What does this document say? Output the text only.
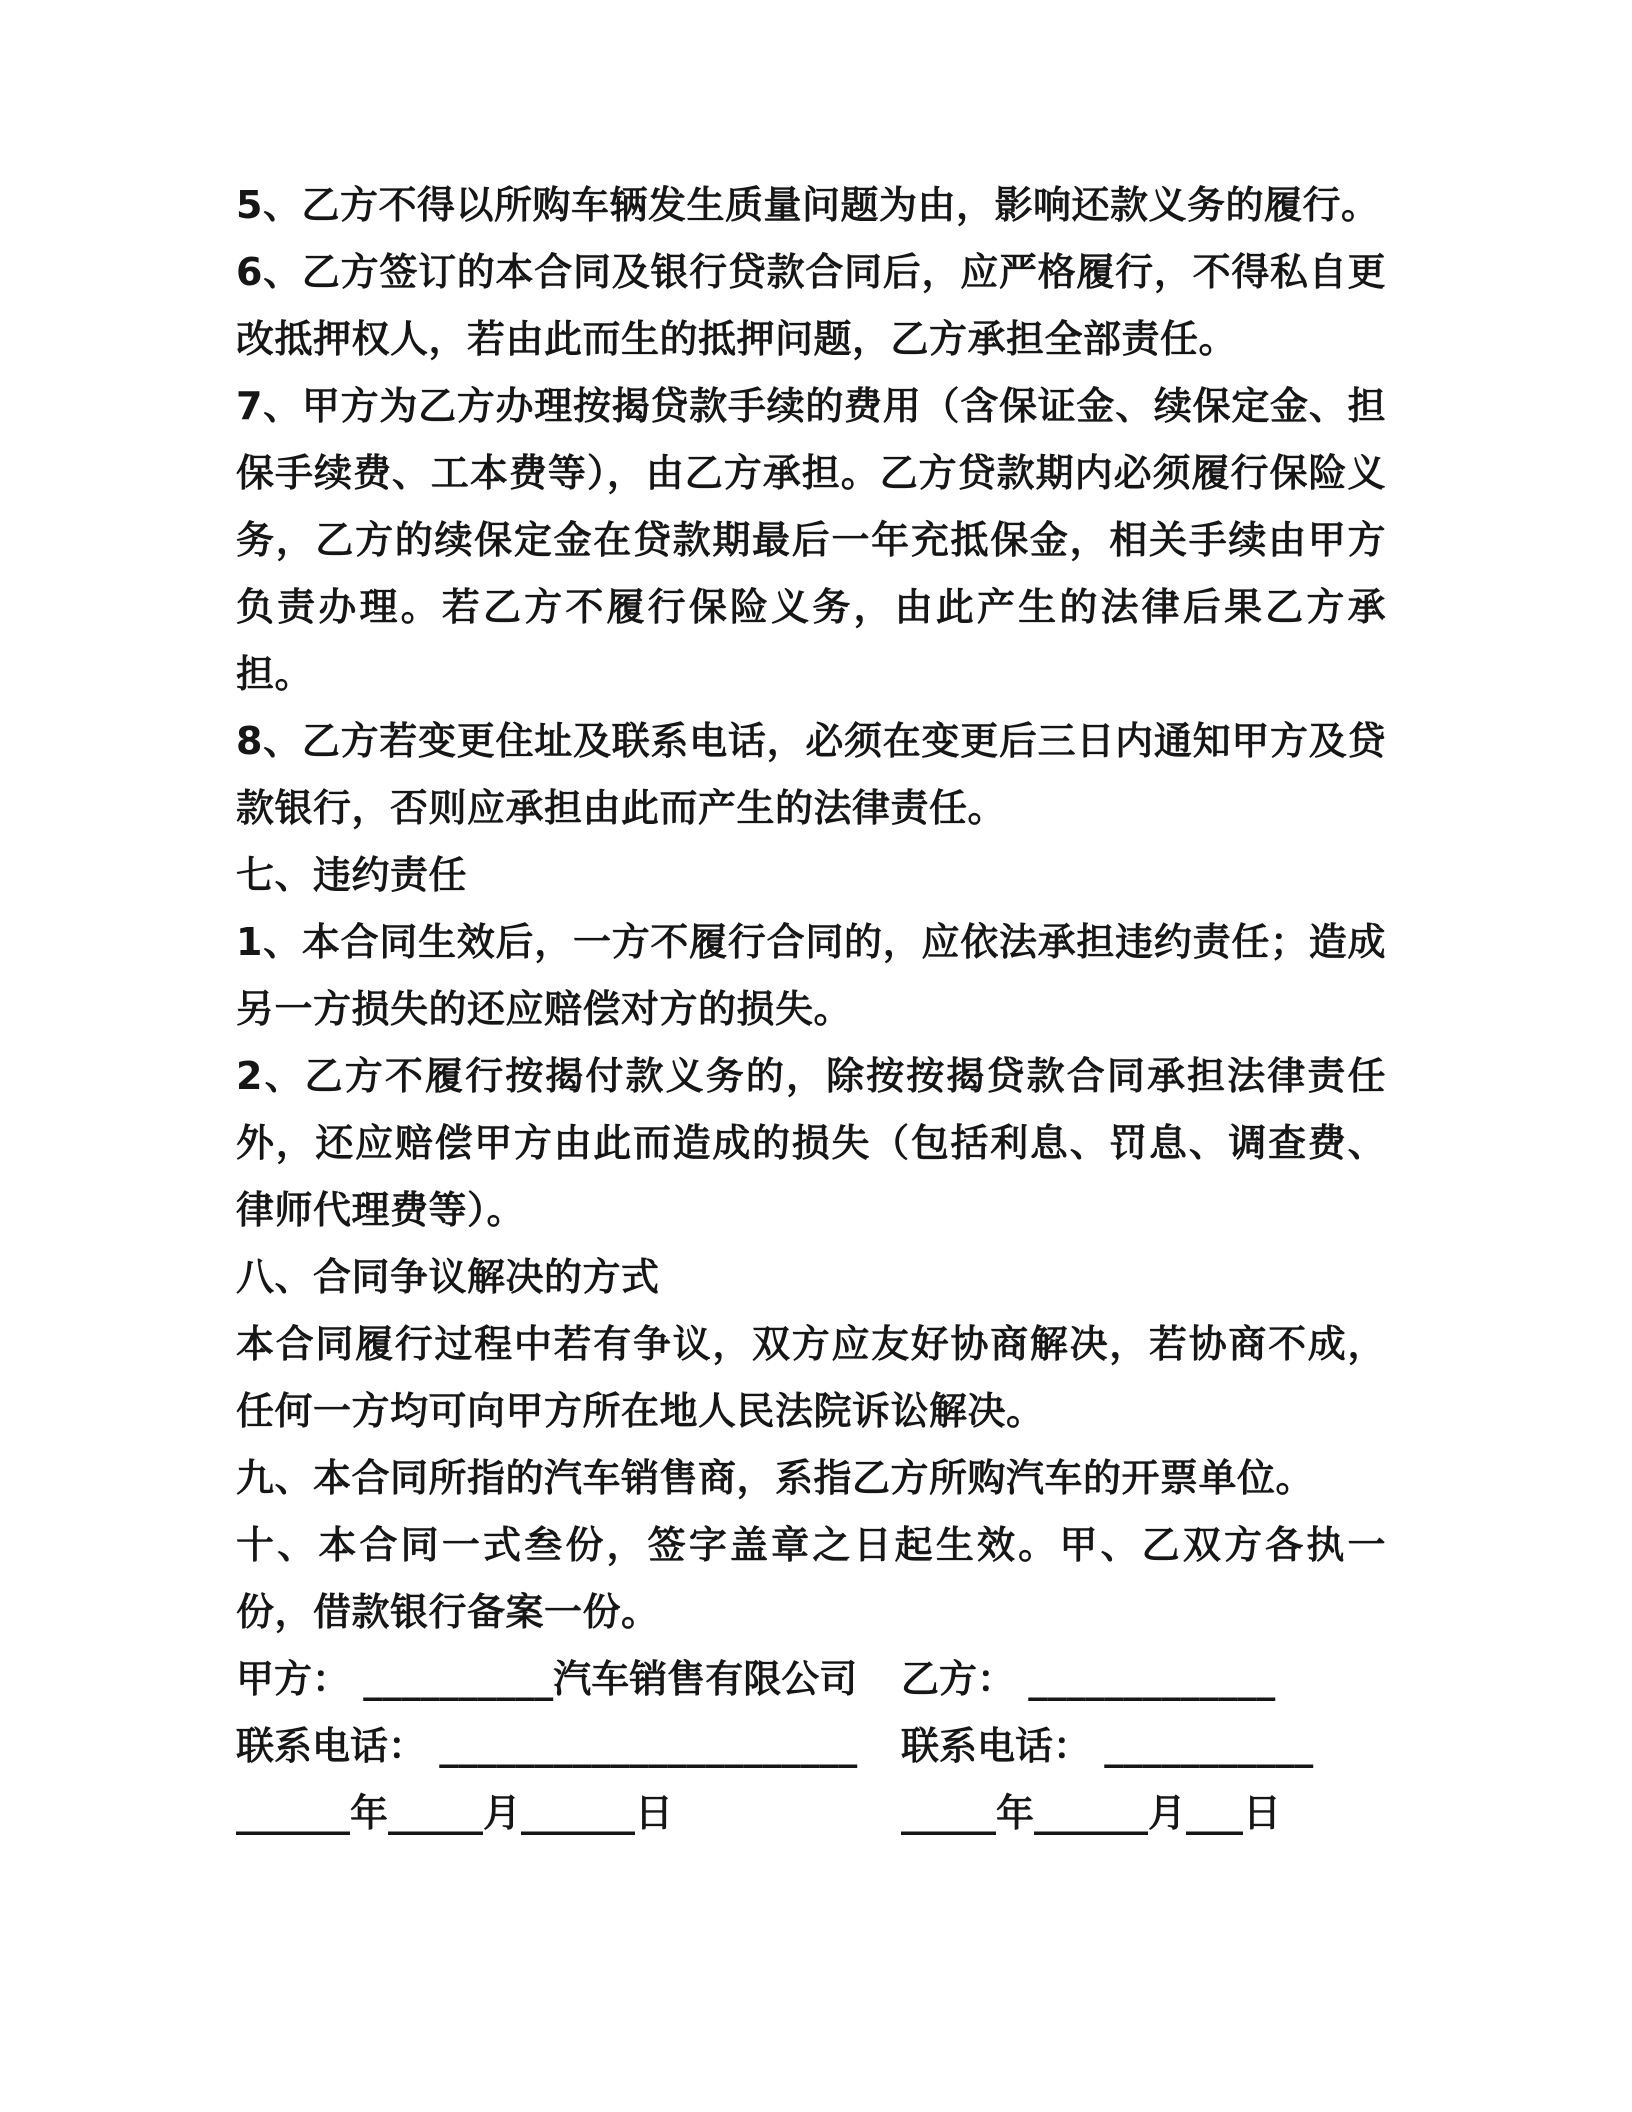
5、乙方不得以所购车辆发生质量问题为由，影响还款义务的履行。

6、乙方签订的本合同及银行贷款合同后，应严格履行，不得私自更改抵押权人，若由此而生的抵押问题，乙方承担全部责任。

7、甲方为乙方办理按揭贷款手续的费用（含保证金、续保定金、担保手续费、工本费等），由乙方承担。乙方贷款期内必须履行保险义务，乙方的续保定金在贷款期最后一年充抵保金，相关手续由甲方负责办理。若乙方不履行保险义务，由此产生的法律后果乙方承担。

8、乙方若变更住址及联系电话，必须在变更后三日内通知甲方及贷款银行，否则应承担由此而产生的法律责任。

七、违约责任

1、本合同生效后，一方不履行合同的，应依法承担违约责任；造成另一方损失的还应赔偿对方的损失。

2、乙方不履行按揭付款义务的，除按按揭贷款合同承担法律责任外，还应赔偿甲方由此而造成的损失（包括利息、罚息、调查费、律师代理费等）。

八、合同争议解决的方式

本合同履行过程中若有争议，双方应友好协商解决，若协商不成，任何一方均可向甲方所在地人民法院诉讼解决。

九、本合同所指的汽车销售商，系指乙方所购汽车的开票单位。

十、本合同一式叁份，签字盖章之日起生效。甲、乙双方各执一份，借款银行备案一份。

甲方： __________汽车销售有限公司	乙方： _____________
联系电话： ______________________	联系电话： ___________
______年_____月______日	_____年______月___日
